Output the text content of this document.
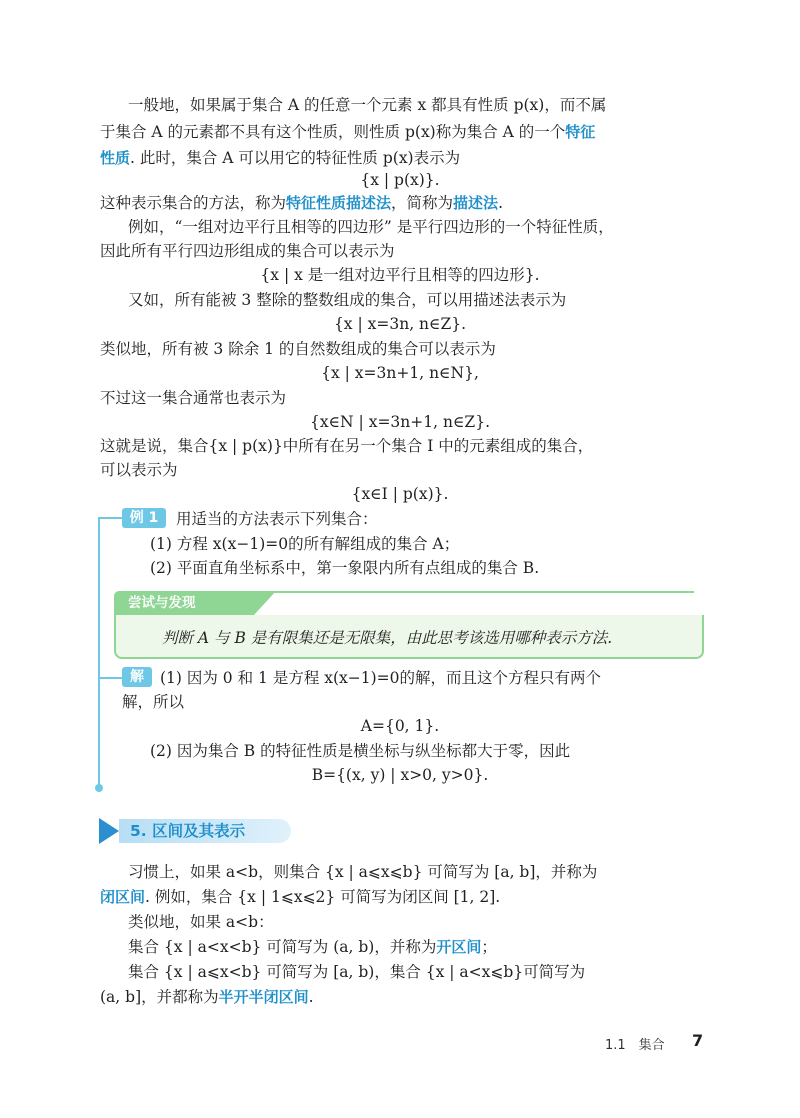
一般地，如果属于集合 A 的任意一个元素 x 都具有性质 p(x)，而不属
于集合 A 的元素都不具有这个性质，则性质 p(x)称为集合 A 的一个特征
性质. 此时，集合 A 可以用它的特征性质 p(x)表示为
{x | p(x)}.
这种表示集合的方法，称为特征性质描述法，简称为描述法.
例如，“一组对边平行且相等的四边形” 是平行四边形的一个特征性质，
因此所有平行四边形组成的集合可以表示为
{x | x 是一组对边平行且相等的四边形}.
又如，所有能被 3 整除的整数组成的集合，可以用描述法表示为
{x | x=3n, n∈Z}.
类似地，所有被 3 除余 1 的自然数组成的集合可以表示为
{x | x=3n+1, n∈N},
不过这一集合通常也表示为
{x∈N | x=3n+1, n∈Z}.
这就是说，集合{x | p(x)}中所有在另一个集合 I 中的元素组成的集合，
可以表示为
{x∈I | p(x)}.
例 1	用适当的方法表示下列集合：
(1) 方程 x(x−1)=0的所有解组成的集合 A；
(2) 平面直角坐标系中，第一象限内所有点组成的集合 B.
尝试与发现
判断 A 与 B 是有限集还是无限集，由此思考该选用哪种表示方法.
解	(1) 因为 0 和 1 是方程 x(x−1)=0的解，而且这个方程只有两个
解，所以
A={0, 1}.
(2) 因为集合 B 的特征性质是横坐标与纵坐标都大于零，因此
B={(x, y) | x>0, y>0}.
5. 区间及其表示
习惯上，如果 a<b，则集合 {x | a⩽x⩽b} 可简写为 [a, b]，并称为
闭区间. 例如，集合 {x | 1⩽x⩽2} 可简写为闭区间 [1, 2].
类似地，如果 a<b：
集合 {x | a<x<b} 可简写为 (a, b)，并称为开区间；
集合 {x | a⩽x<b} 可简写为 [a, b)，集合 {x | a<x⩽b}可简写为
(a, b]，并都称为半开半闭区间.
1.1　集合 7
